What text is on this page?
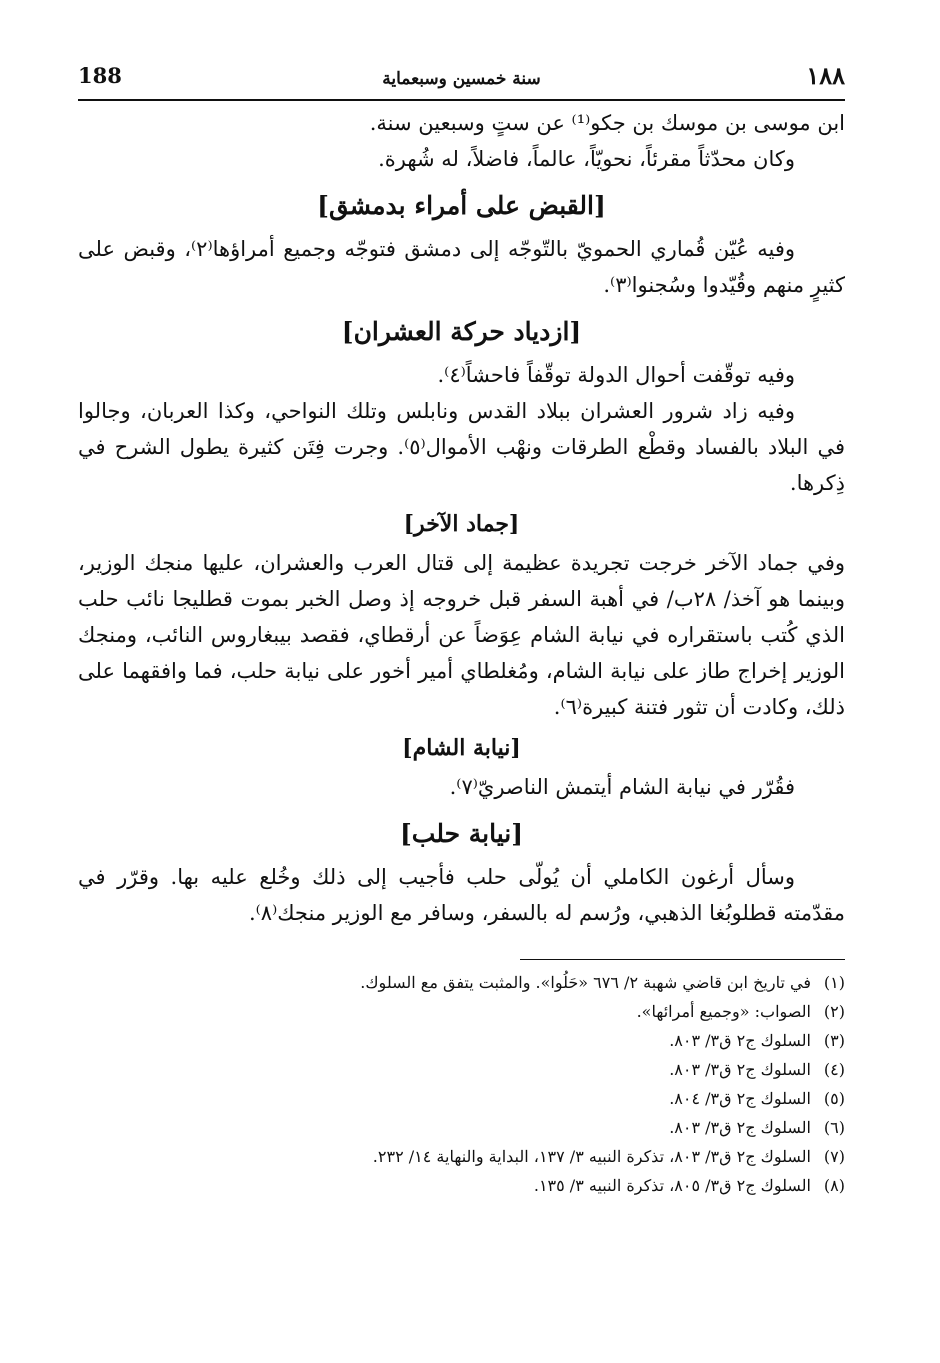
188	سنة خمسين وسبعماية	١٨٨

ابن موسى بن موسك بن جكو⁽¹⁾ عن ستٍ وسبعين سنة.

وكان محدّثاً مقرئاً، نحويّاً، عالماً، فاضلاً، له شُهرة.

[القبض على أمراء بدمشق]

وفيه عُيّن قُماري الحمويّ بالتّوجّه إلى دمشق فتوجّه وجميع أمراؤها⁽٢⁾، وقبض على كثيرٍ منهم وقُيّدوا وسُجنوا⁽٣⁾.

[ازدياد حركة العشران]

وفيه توقّفت أحوال الدولة توقّفاً فاحشاً⁽٤⁾.

وفيه زاد شرور العشران ببلاد القدس ونابلس وتلك النواحي، وكذا العربان، وجالوا في البلاد بالفساد وقطْع الطرقات ونهْب الأموال⁽٥⁾. وجرت فِتَن كثيرة يطول الشرح في ذِكرها.

[جماد الآخر]

وفي جماد الآخر خرجت تجريدة عظيمة إلى قتال العرب والعشران، عليها منجك الوزير، وبينما هو آخذ/ ٢٨ب/ في أهبة السفر قبل خروجه إذ وصل الخبر بموت قطليجا نائب حلب الذي كُتب باستقراره في نيابة الشام عِوَضاً عن أرقطاي، فقصد بيبغاروس النائب، ومنجك الوزير إخراج طاز على نيابة الشام، ومُغلطاي أمير أخور على نيابة حلب، فما وافقهما على ذلك، وكادت أن تثور فتنة كبيرة⁽٦⁾.

[نيابة الشام]

فقُرّر في نيابة الشام أيتمش الناصريّ⁽٧⁾.

[نيابة حلب]

وسأل أرغون الكاملي أن يُولّى حلب فأجيب إلى ذلك وخُلع عليه بها. وقرّر في مقدّمته قطلوبُغا الذهبي، ورُسم له بالسفر، وسافر مع الوزير منجك⁽٨⁾.

(١)في تاريخ ابن قاضي شهبة ٢/ ٦٧٦ «حَلُوا». والمثبت يتفق مع السلوك.
(٢)الصواب: «وجميع أمرائها».
(٣)السلوك ج٢ ق٣/ ٨٠٣.
(٤)السلوك ج٢ ق٣/ ٨٠٣.
(٥)السلوك ج٢ ق٣/ ٨٠٤.
(٦)السلوك ج٢ ق٣/ ٨٠٣.
(٧)السلوك ج٢ ق٣/ ٨٠٣، تذكرة النبيه ٣/ ١٣٧، البداية والنهاية ١٤/ ٢٣٢.
(٨)السلوك ج٢ ق٣/ ٨٠٥، تذكرة النبيه ٣/ ١٣٥.
